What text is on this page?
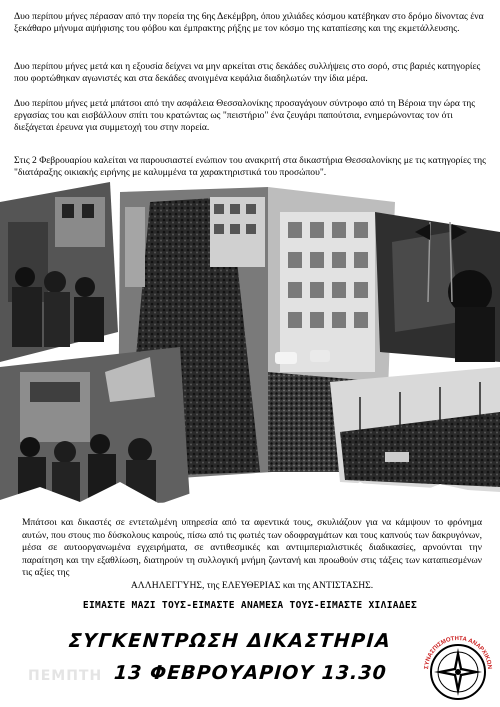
Δυο περίπου μήνες πέρασαν από την πορεία της 6ης Δεκέμβρη, όπου χιλιάδες κόσμου κατέβηκαν στο δρόμο δίνοντας ένα ξεκάθαρο μήνυμα αψήφισης του φόβου και έμπρακτης ρήξης με τον κόσμο της καταπίεσης και της εκμετάλλευσης.

Δυο περίπου μήνες μετά και η εξουσία δείχνει να μην αρκείται στις δεκάδες συλλήψεις στο σορό, στις βαριές κατηγορίες που φορτώθηκαν αγωνιστές και στα δεκάδες ανοιγμένα κεφάλια διαδηλωτών την ίδια μέρα.

Δυο περίπου μήνες μετά μπάτσοι από την ασφάλεια Θεσσαλονίκης προσαγάγουν σύντροφο από τη Βέροια την ώρα της εργασίας του και εισβάλλουν σπίτι του κρατώντας ως "πειστήριο" ένα ζευγάρι παπούτσια, ενημερώνοντας τον ότι διεξάγεται έρευνα για συμμετοχή του στην πορεία.

Στις 2 Φεβρουαρίου καλείται να παρουσιαστεί ενώπιον του ανακριτή στα δικαστήρια Θεσσαλονίκης με τις κατηγορίες της "διατάραξης οικιακής ειρήνης με καλυμμένα τα χαρακτηριστικά του προσώπου".

Μπάτσοι και δικαστές σε εντεταλμένη υπηρεσία από τα αφεντικά τους, σκυλιάζουν για να κάμψουν το φρόνημα αυτών, που στους πιο δύσκολους καιρούς, πίσω από τις φωτιές των οδοφραγμάτων και τους καπνούς των δακρυγόνων, μέσα σε αυτοοργανωμένα εγχειρήματα, σε αντιθεσμικές και αντιιμπεριαλιστικές διαδικασίες, αρνούνται την παραίτηση και την εξαθλίωση, διατηρούν τη συλλογική μνήμη ζωντανή και προωθούν στις τάξεις των καταπιεσμένων τις αξίες της
ΑΛΛΗΛΕΓΓΥΗΣ, της ΕΛΕΥΘΕΡΙΑΣ και της ΑΝΤΙΣΤΑΣΗΣ.

ΕΙΜΑΣΤΕ ΜΑΖΙ ΤΟΥΣ-ΕΙΜΑΣΤΕ ΑΝΑΜΕΣΑ ΤΟΥΣ-ΕΙΜΑΣΤΕ ΧΙΛΙΑΔΕΣ
ΣΥΓΚΕΝΤΡΩΣΗ ΔΙΚΑΣΤΗΡΙΑ
ΠΕΜΠΤΗ 13 ΦΕΒΡΟΥΑΡΙΟΥ 13.30	ΣΥΝΑΣΠΙΣΜΟΤΗΤΑ ΑΝΑΡΧΙΚΩΝ
